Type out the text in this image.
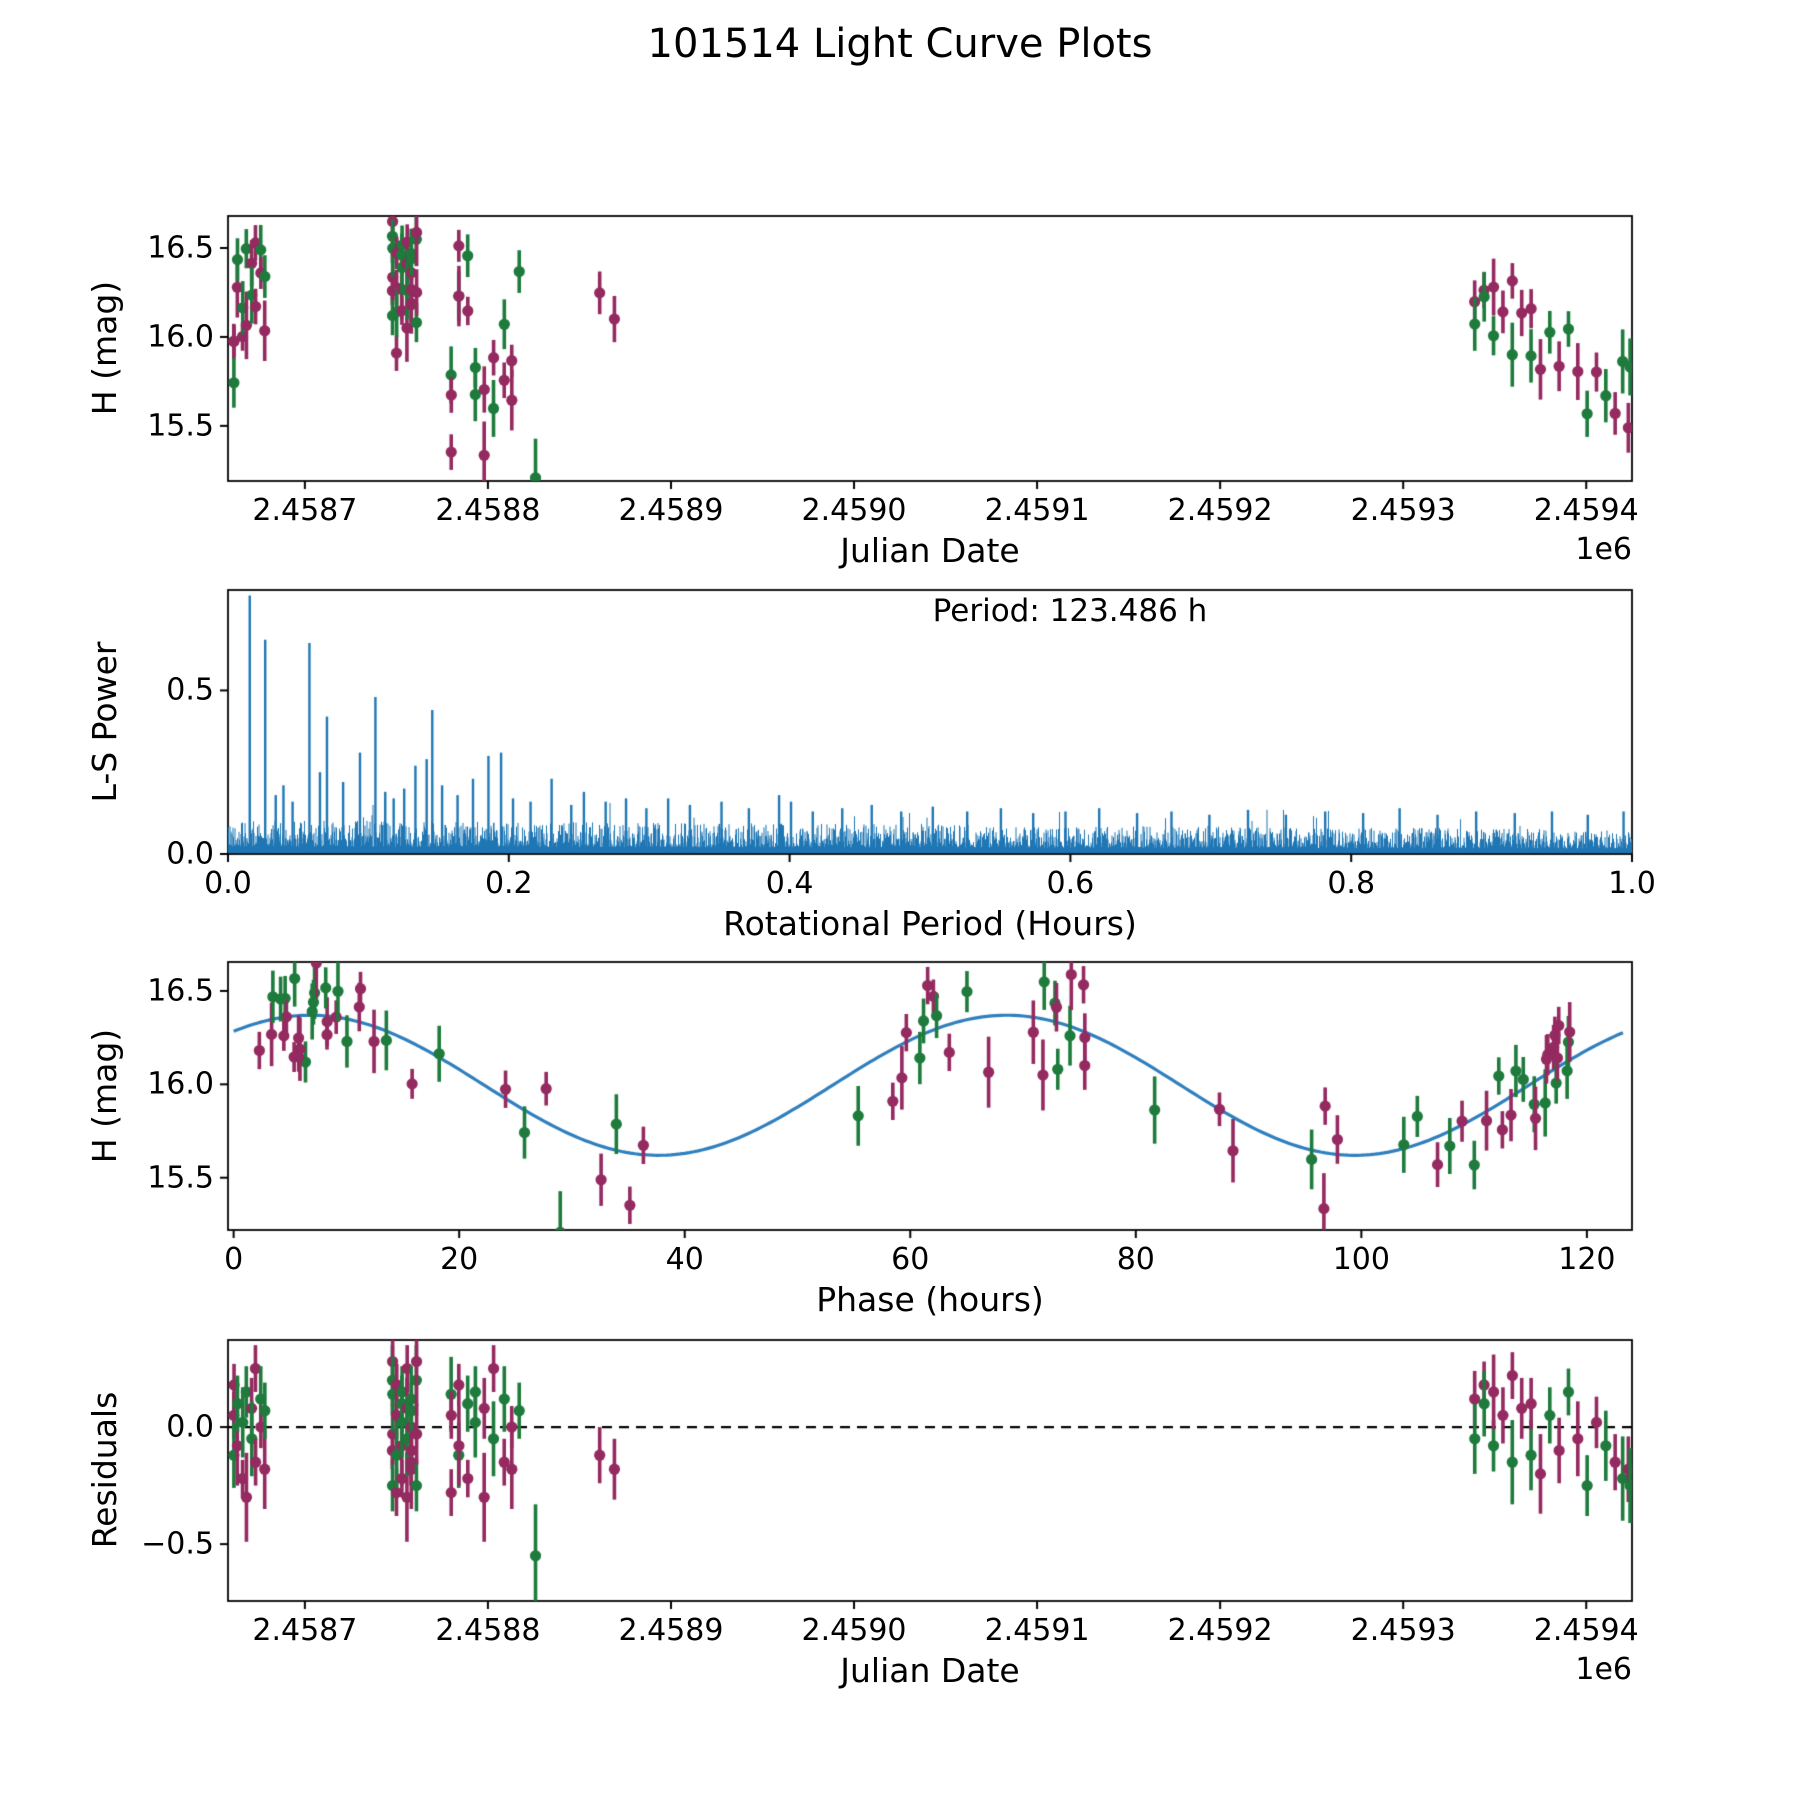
101514 Light Curve Plots
H (mag)
Julian Date	1e6
Period: 123.486 h
L-S Power
Rotational Period (Hours)
H (mag)
Phase (hours)
Residuals
Julian Date	1e6
2.4587	2.4588	2.4589	2.4590	2.4591	2.4592	2.4593	2.4594
16.5
16.0
15.5
0.0	0.2	0.4	0.6	0.8	1.0
0.5
0.0
0	20	40	60	80	100	120
16.5
16.0
15.5
2.4587	2.4588	2.4589	2.4590	2.4591	2.4592	2.4593	2.4594
0.0
−0.5
